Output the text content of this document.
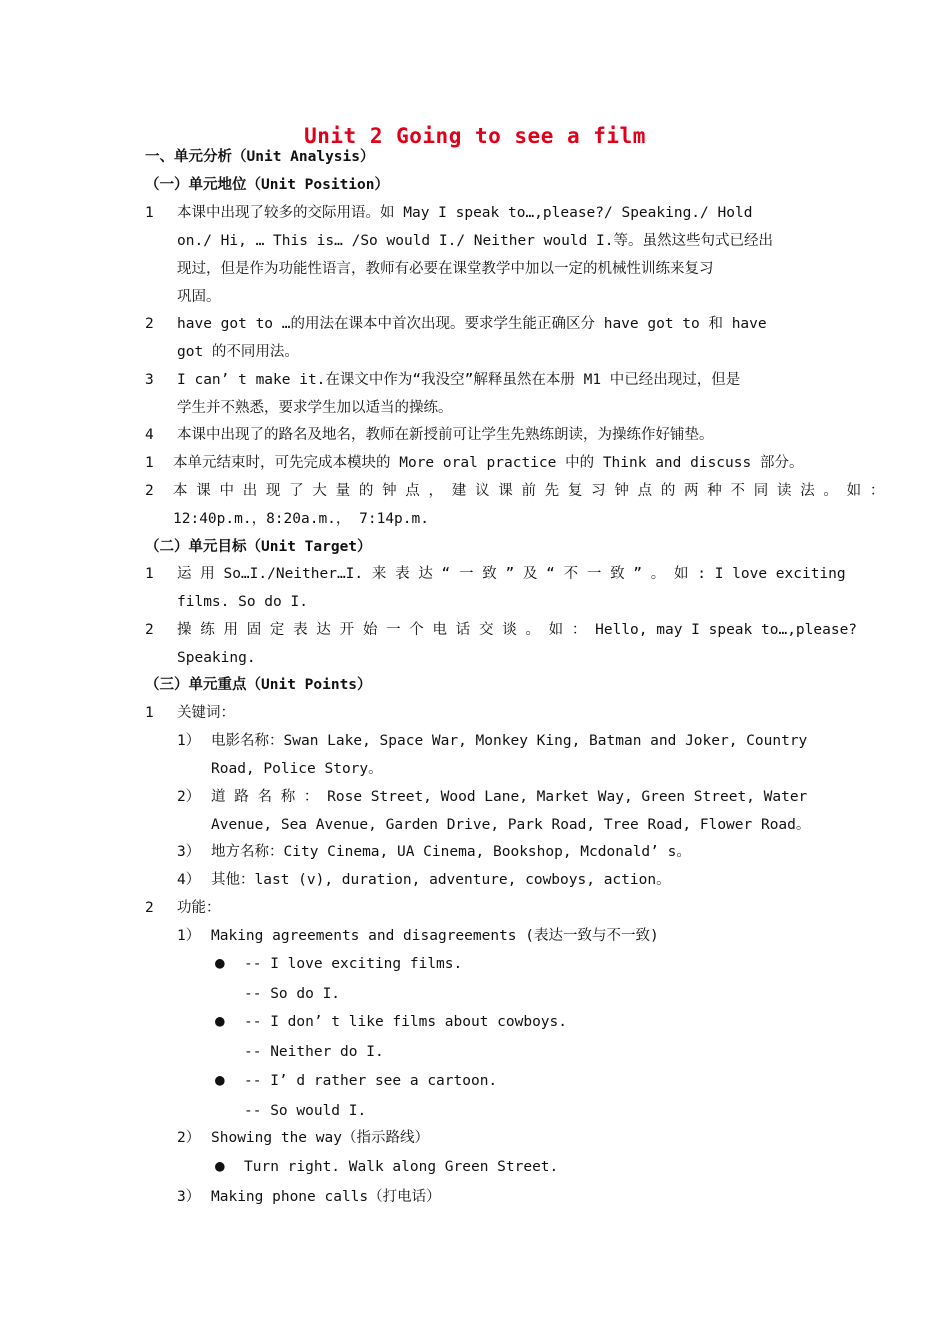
Unit 2 Going to see a film
一、单元分析（Unit Analysis）
（一）单元地位（Unit Position）
1 本课中出现了较多的交际用语。如 May I speak to…,please?/ Speaking./ Hold
on./ Hi, … This is… /So would I./ Neither would I.等。虽然这些句式已经出
现过，但是作为功能性语言，教师有必要在课堂教学中加以一定的机械性训练来复习
巩固。
2 have got to …的用法在课本中首次出现。要求学生能正确区分 have got to 和 have
got 的不同用法。
3 I can’ t make it.在课文中作为“我没空”解释虽然在本册 M1 中已经出现过，但是
学生并不熟悉，要求学生加以适当的操练。
4 本课中出现了的路名及地名，教师在新授前可让学生先熟练朗读，为操练作好铺垫。
1 本单元结束时，可先完成本模块的 More oral practice 中的 Think and discuss 部分。
2 本 课 中 出 现 了 大 量 的 钟 点 ， 建 议 课 前 先 复 习 钟 点 的 两 种 不 同 读 法 。 如 ：
12:40p.m.，8:20a.m.， 7:14p.m.
（二）单元目标（Unit Target）
1 运 用 So…I./Neither…I. 来 表 达 “ 一 致 ” 及 “ 不 一 致 ” 。 如 : I love exciting
films. So do I.
2 操 练 用 固 定 表 达 开 始 一 个 电 话 交 谈 。 如 ： Hello, may I speak to…,please?
Speaking.
（三）单元重点（Unit Points）
1 关键词：
1） 电影名称：Swan Lake, Space War, Monkey King, Batman and Joker, Country
Road, Police Story。
2） 道 路 名 称 ： Rose Street, Wood Lane, Market Way, Green Street, Water
Avenue, Sea Avenue, Garden Drive, Park Road, Tree Road, Flower Road。
3） 地方名称：City Cinema, UA Cinema, Bookshop, Mcdonald’ s。
4） 其他：last (v), duration, adventure, cowboys, action。
2 功能：
1） Making agreements and disagreements (表达一致与不一致)
● -- I love exciting films.
-- So do I.
● -- I don’ t like films about cowboys.
-- Neither do I.
● -- I’ d rather see a cartoon.
-- So would I.
2） Showing the way（指示路线）
● Turn right. Walk along Green Street.
3） Making phone calls（打电话）
